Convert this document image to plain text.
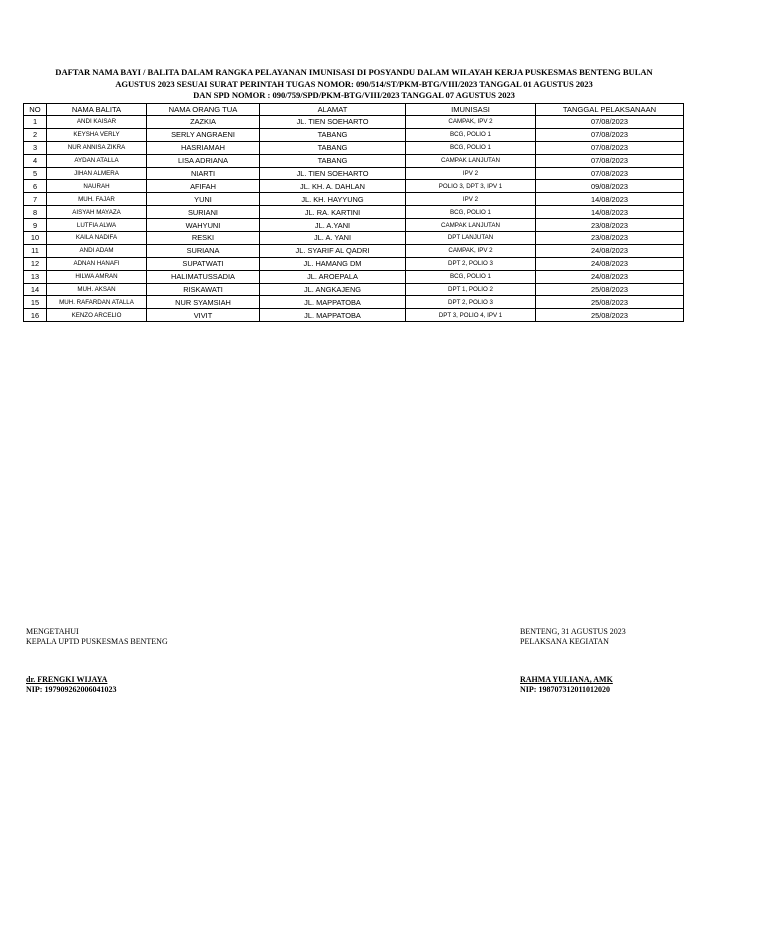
DAFTAR NAMA BAYI / BALITA DALAM RANGKA PELAYANAN IMUNISASI DI POSYANDU DALAM WILAYAH KERJA PUSKESMAS BENTENG BULAN
AGUSTUS 2023 SESUAI SURAT PERINTAH TUGAS NOMOR: 090/514/ST/PKM-BTG/VIII/2023 TANGGAL 01 AGUSTUS 2023
DAN SPD NOMOR : 090/759/SPD/PKM-BTG/VIII/2023 TANGGAL 07 AGUSTUS 2023
NO	NAMA BALITA	NAMA ORANG TUA	ALAMAT	IMUNISASI	TANGGAL PELAKSANAAN
1	ANDI KAISAR	ZAZKIA	JL. TIEN SOEHARTO	CAMPAK, IPV 2	07/08/2023
2	KEYSHA VERLY	SERLY ANGRAENI	TABANG	BCG, POLIO 1	07/08/2023
3	NUR ANNISA ZIKRA	HASRIAMAH	TABANG	BCG, POLIO 1	07/08/2023
4	AYDAN ATALLA	LISA ADRIANA	TABANG	CAMPAK LANJUTAN	07/08/2023
5	JIHAN ALMERA	NIARTI	JL. TIEN SOEHARTO	IPV 2	07/08/2023
6	NAURAH	AFIFAH	JL. KH. A. DAHLAN	POLIO 3, DPT 3, IPV 1	09/08/2023
7	MUH. FAJAR	YUNI	JL. KH. HAYYUNG	IPV 2	14/08/2023
8	AISYAH MAYAZA	SURIANI	JL. RA. KARTINI	BCG, POLIO 1	14/08/2023
9	LUTFIA ALWA	WAHYUNI	JL. A.YANI	CAMPAK LANJUTAN	23/08/2023
10	KAILA NADIFA	RESKI	JL. A. YANI	DPT LANJUTAN	23/08/2023
11	ANDI ADAM	SURIANA	JL. SYARIF AL QADRI	CAMPAK, IPV 2	24/08/2023
12	ADNAN HANAFI	SUPATWATI	JL. HAMANG DM	DPT 2, POLIO 3	24/08/2023
13	HILWA AMRAN	HALIMATUSSADIA	JL. AROEPALA	BCG, POLIO 1	24/08/2023
14	MUH. AKSAN	RISKAWATI	JL. ANGKAJENG	DPT 1, POLIO 2	25/08/2023
15	MUH. RAFARDAN ATALLA	NUR SYAMSIAH	JL. MAPPATOBA	DPT 2, POLIO 3	25/08/2023
16	KENZO ARCELIO	VIVIT	JL. MAPPATOBA	DPT 3, POLIO 4, IPV 1	25/08/2023
MENGETAHUI
KEPALA UPTD PUSKESMAS BENTENG
dr. FRENGKI WIJAYA
NIP: 197909262006041023
BENTENG, 31 AGUSTUS 2023
PELAKSANA KEGIATAN
RAHMA YULIANA, AMK
NIP: 198707312011012020
